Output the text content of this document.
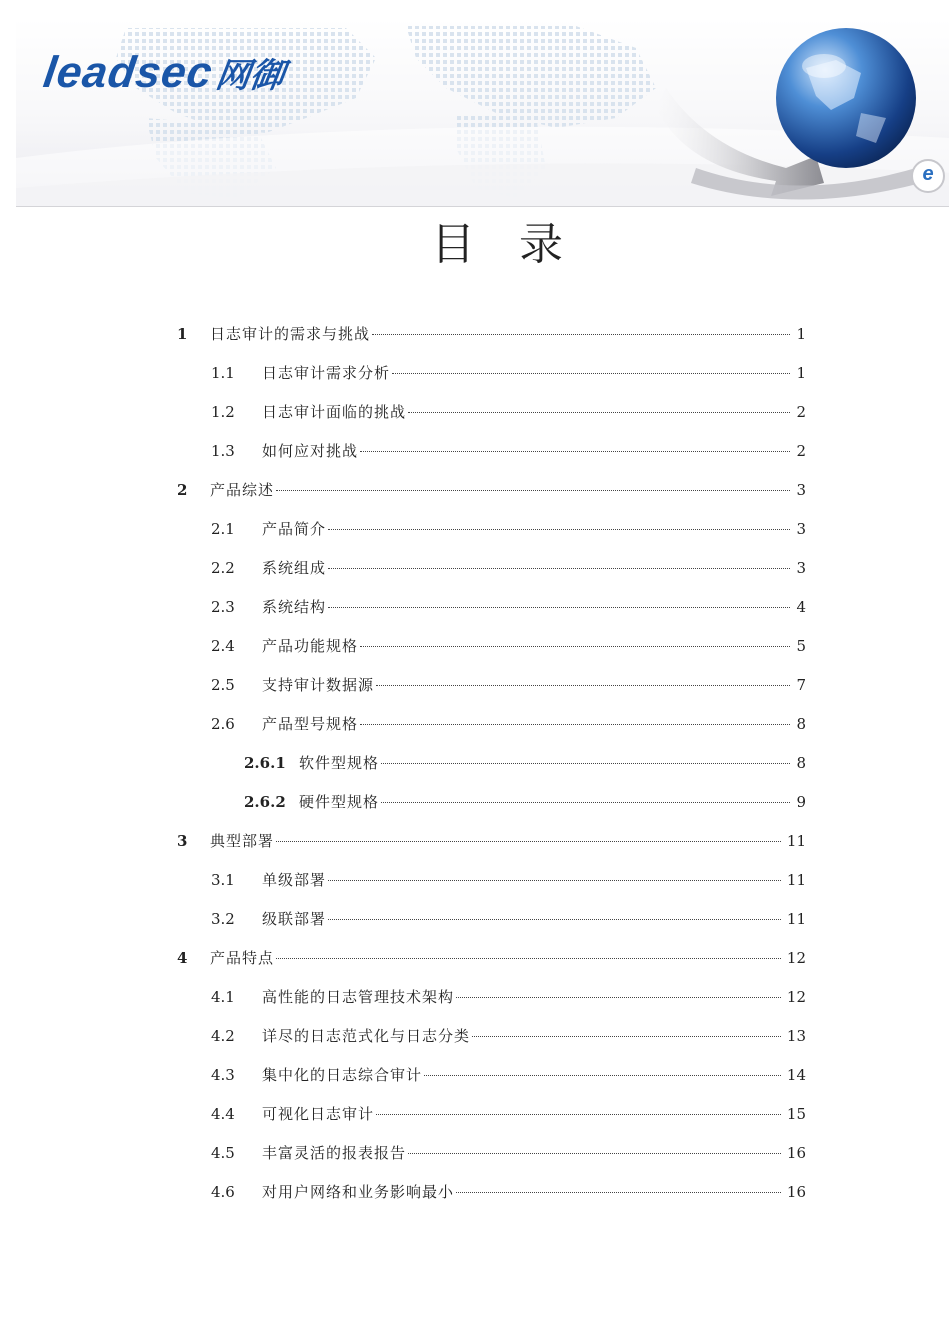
leadsec网御
e
目录
1	日志审计的需求与挑战	1
1.1	日志审计需求分析	1
1.2	日志审计面临的挑战	2
1.3	如何应对挑战	2
2	产品综述	3
2.1	产品简介	3
2.2	系统组成	3
2.3	系统结构	4
2.4	产品功能规格	5
2.5	支持审计数据源	7
2.6	产品型号规格	8
2.6.1 软件型规格	8
2.6.2 硬件型规格	9
3	典型部署	11
3.1	单级部署	11
3.2	级联部署	11
4	产品特点	12
4.1	高性能的日志管理技术架构	12
4.2	详尽的日志范式化与日志分类	13
4.3	集中化的日志综合审计	14
4.4	可视化日志审计	15
4.5	丰富灵活的报表报告	16
4.6	对用户网络和业务影响最小	16
